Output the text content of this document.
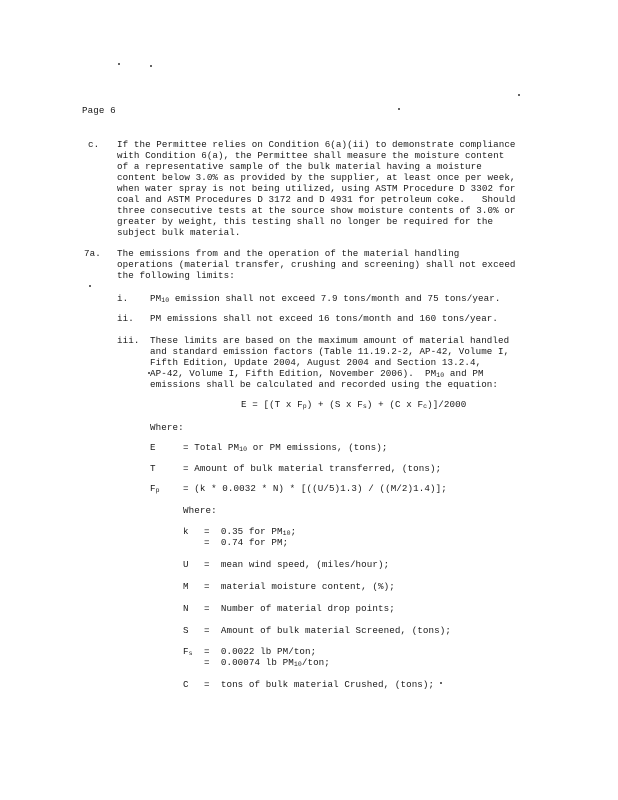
Page 6
c. If the Permittee relies on Condition 6(a)(ii) to demonstrate compliance
with Condition 6(a), the Permittee shall measure the moisture content
of a representative sample of the bulk material having a moisture
content below 3.0% as provided by the supplier, at least once per week,
when water spray is not being utilized, using ASTM Procedure D 3302 for
coal and ASTM Procedures D 3172 and D 4931 for petroleum coke.   Should
three consecutive tests at the source show moisture contents of 3.0% or
greater by weight, this testing shall no longer be required for the
subject bulk material.
7a. The emissions from and the operation of the material handling
operations (material transfer, crushing and screening) shall not exceed
the following limits:
i. $PM_{10}$ emission shall not exceed 7.9 tons/month and 75 tons/year.
ii. PM emissions shall not exceed 16 tons/month and 160 tons/year.
iii. These limits are based on the maximum amount of material handled
and standard emission factors (Table 11.19.2-2, AP-42, Volume I,
Fifth Edition, Update 2004, August 2004 and Section 13.2.4,
AP-42, Volume I, Fifth Edition, November 2006).  $PM_{10}$ and PM
emissions shall be calculated and recorded using the equation:
E = [(T x $F_p) + (S$ x $F_s) + (C$ x $F_c)]/2000$
Where:
E	= Total $PM_{10}$ or PM emissions, (tons);
T	= Amount of bulk material transferred, (tons);
$F_p$	= (k * 0.0032 * N) * [((U/5)1.3) / ((M/2)1.4)];
Where:
k =  0.35 for $PM_{10}$;
=  0.74 for PM;
U =  mean wind speed, (miles/hour);
M =  material moisture content, (%);
N =  Number of material drop points;
S =  Amount of bulk material Screened, (tons);
$F_s = 0.0022$ lb PM/ton;
=  0.00074 lb $PM_{10}$/ton;
C =  tons of bulk material Crushed, (tons);
